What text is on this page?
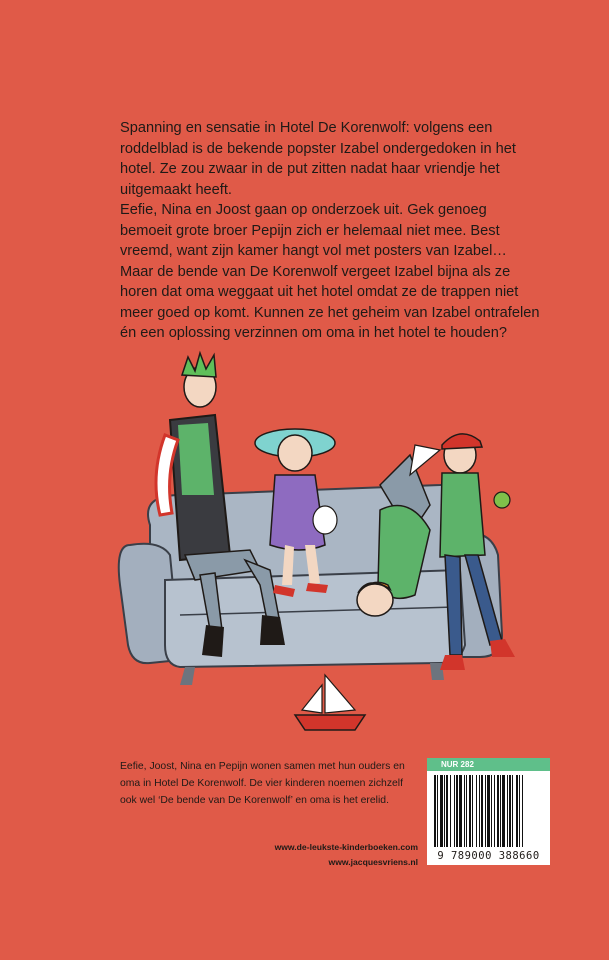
Spanning en sensatie in Hotel De Korenwolf: volgens een roddelblad is de bekende popster Izabel ondergedoken in het hotel. Ze zou zwaar in de put zitten nadat haar vriendje het uitgemaakt heeft.

Eefie, Nina en Joost gaan op onderzoek uit. Gek genoeg bemoeit grote broer Pepijn zich er helemaal niet mee. Best vreemd, want zijn kamer hangt vol met posters van Izabel…

Maar de bende van De Korenwolf vergeet Izabel bijna als ze horen dat oma weggaat uit het hotel omdat ze de trappen niet meer goed op komt. Kunnen ze het geheim van Izabel ontrafelen én een oplossing verzinnen om oma in het hotel te houden?

Eefie, Joost, Nina en Pepijn wonen samen met hun ouders en oma in Hotel De Korenwolf. De vier kinderen noemen zichzelf ook wel ‘De bende van De Korenwolf’ en oma is het erelid.

www.de-leukste-kinderboeken.com
www.jacquesvriens.nl
NUR 282
9 789000 388660
